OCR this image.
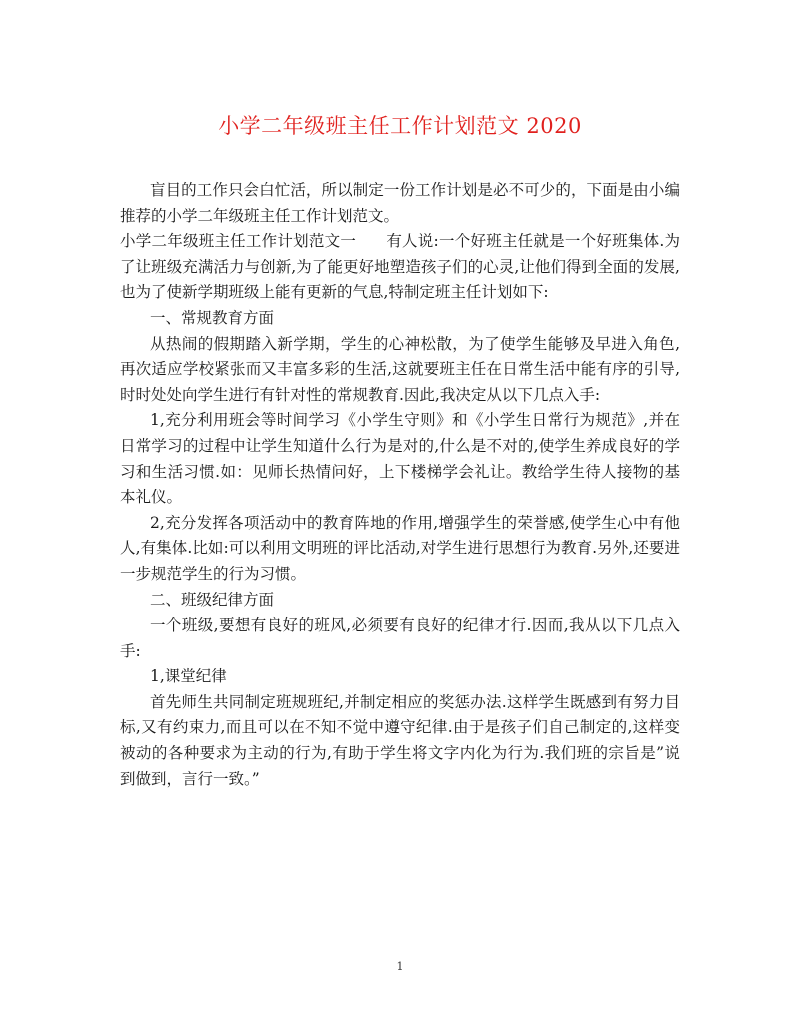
小学二年级班主任工作计划范文 2020

盲目的工作只会白忙活，所以制定一份工作计划是必不可少的，下面是由小编推荐的小学二年级班主任工作计划范文。

小学二年级班主任工作计划范文一 有人说:一个好班主任就是一个好班集体.为了让班级充满活力与创新,为了能更好地塑造孩子们的心灵,让他们得到全面的发展,也为了使新学期班级上能有更新的气息,特制定班主任计划如下:

一、常规教育方面

从热闹的假期踏入新学期，学生的心神松散，为了使学生能够及早进入角色,再次适应学校紧张而又丰富多彩的生活,这就要班主任在日常生活中能有序的引导,时时处处向学生进行有针对性的常规教育.因此,我决定从以下几点入手:

1,充分利用班会等时间学习《小学生守则》和《小学生日常行为规范》,并在日常学习的过程中让学生知道什么行为是对的,什么是不对的,使学生养成良好的学习和生活习惯.如：见师长热情问好，上下楼梯学会礼让。教给学生待人接物的基本礼仪。

2,充分发挥各项活动中的教育阵地的作用,增强学生的荣誉感,使学生心中有他人,有集体.比如:可以利用文明班的评比活动,对学生进行思想行为教育.另外,还要进一步规范学生的行为习惯。

二、班级纪律方面

一个班级,要想有良好的班风,必须要有良好的纪律才行.因而,我从以下几点入手:

1,课堂纪律

首先师生共同制定班规班纪,并制定相应的奖惩办法.这样学生既感到有努力目标,又有约束力,而且可以在不知不觉中遵守纪律.由于是孩子们自己制定的,这样变被动的各种要求为主动的行为,有助于学生将文字内化为行为.我们班的宗旨是”说到做到，言行一致。”

1
